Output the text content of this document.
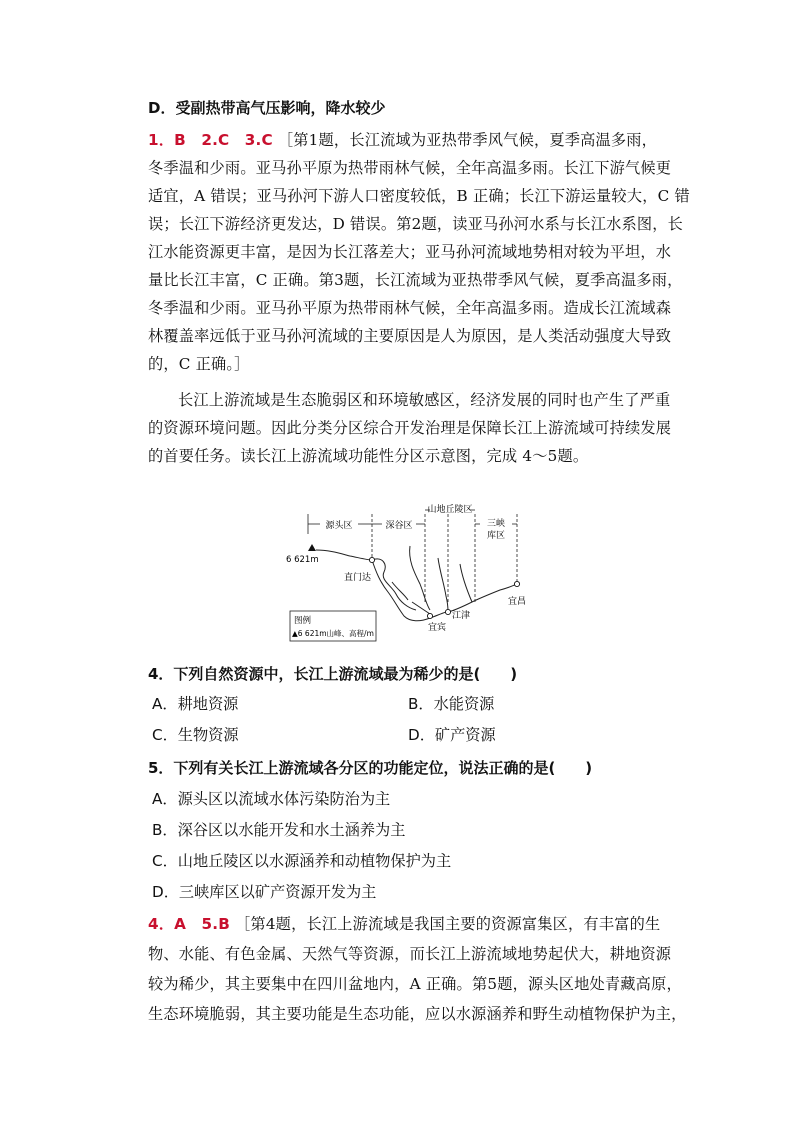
D．受副热带高气压影响，降水较少
1．B　2.C　3.C ［第1题，长江流域为亚热带季风气候，夏季高温多雨，
冬季温和少雨。亚马孙平原为热带雨林气候，全年高温多雨。长江下游气候更
适宜，A 错误；亚马孙河下游人口密度较低，B 正确；长江下游运量较大，C 错
误；长江下游经济更发达，D 错误。第2题，读亚马孙河水系与长江水系图，长
江水能资源更丰富，是因为长江落差大；亚马孙河流域地势相对较为平坦，水
量比长江丰富，C 正确。第3题，长江流域为亚热带季风气候，夏季高温多雨，
冬季温和少雨。亚马孙平原为热带雨林气候，全年高温多雨。造成长江流域森
林覆盖率远低于亚马孙河流域的主要原因是人为原因，是人类活动强度大导致
的，C 正确。］
长江上游流域是生态脆弱区和环境敏感区，经济发展的同时也产生了严重
的资源环境问题。因此分类分区综合开发治理是保障长江上游流域可持续发展
的首要任务。读长江上游流域功能性分区示意图，完成 4～5题。
源头区	深谷区
山地丘陵区
三峡
库区
6 621m
直门达
宜宾
江津
宜昌
图例
▲6 621m山峰、高程/m
4．下列自然资源中，长江上游流域最为稀少的是(　　)
A．耕地资源	B．水能资源
C．生物资源	D．矿产资源
5．下列有关长江上游流域各分区的功能定位，说法正确的是(　　)
A．源头区以流域水体污染防治为主
B．深谷区以水能开发和水土涵养为主
C．山地丘陵区以水源涵养和动植物保护为主
D．三峡库区以矿产资源开发为主
4．A　5.B ［第4题，长江上游流域是我国主要的资源富集区，有丰富的生
物、水能、有色金属、天然气等资源，而长江上游流域地势起伏大，耕地资源
较为稀少，其主要集中在四川盆地内，A 正确。第5题，源头区地处青藏高原，
生态环境脆弱，其主要功能是生态功能，应以水源涵养和野生动植物保护为主，
